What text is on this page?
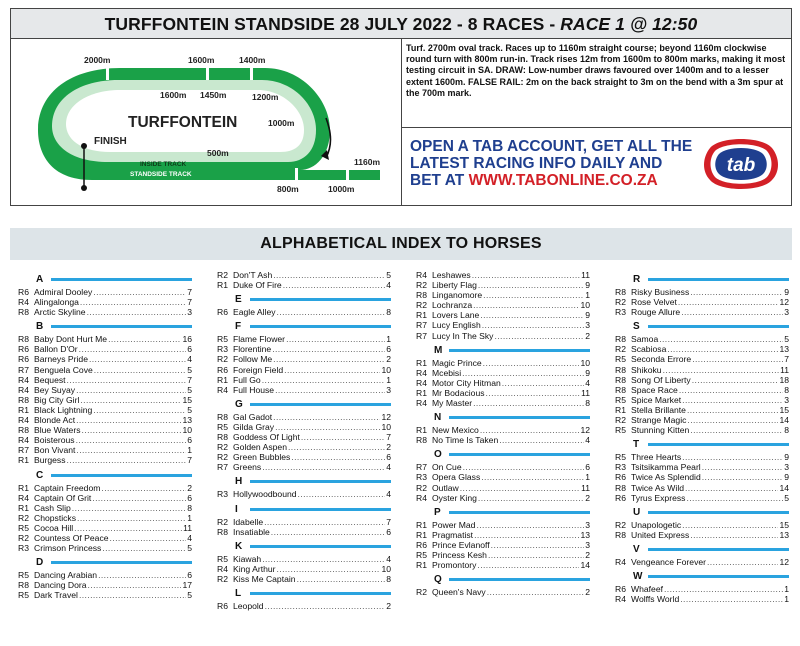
TURFFONTEIN STANDSIDE 28 JULY 2022 - 8 RACES - RACE 1 @ 12:50
2000m	1600m	1400m
1600m 1450m	1200m
1000m
500m
1160m
800m	1000m
TURFFONTEIN
FINISH
INSIDE TRACK
STANDSIDE TRACK
Turf. 2700m oval track. Races up to 1160m straight course; beyond 1160m clockwise round turn with 800m run-in. Track rises 12m from 1600m to 800m marks, making it most testing circuit in SA. DRAW: Low-number draws favoured over 1400m and to a lesser extent 1600m. FALSE RAIL: 2m on the back straight to 3m on the bend with a 3m spur at the 700m mark.
OPEN A TAB ACCOUNT, GET ALL THE
LATEST RACING INFO DAILY AND
BET AT WWW.TABONLINE.CO.ZA
tab
ALPHABETICAL INDEX TO HORSES
A
R6 Admiral Dooley .....	7
R4 Alingalonga .....	7
R8 Arctic Skyline .....	3
B
R8 Baby Dont Hurt Me .....	16
R6 Ballon D'Or .....	6
R6 Barneys Pride .....	4
R7 Benguela Cove .....	5
R4 Bequest .....	7
R4 Bey Suyay .....	5
R8 Big City Girl .....	15
R1 Black Lightning .....	5
R4 Blonde Act .....	13
R8 Blue Waters .....	10
R4 Boisterous .....	6
R7 Bon Vivant .....	1
R1 Burgess .....	7
C
R1 Captain Freedom .....	2
R4 Captain Of Grit .....	6
R1 Cash Slip .....	8
R2 Chopsticks .....	1
R5 Cocoa Hill .....	11
R2 Countess Of Peace .....	4
R3 Crimson Princess .....	5
D
R5 Dancing Arabian .....	6
R8 Dancing Dora .....	17
R5 Dark Travel .....	5
R2 Don'T Ash .....	5
R1 Duke Of Fire .....	4
E
R6 Eagle Alley .....	8
F
R5 Flame Flower .....	1
R3 Florentine .....	6
R2 Follow Me .....	2
R6 Foreign Field .....	10
R1 Full Go .....	1
R4 Full House .....	3
G
R8 Gal Gadot .....	12
R5 Gilda Gray .....	10
R8 Goddess Of Light .....	7
R2 Golden Aspen .....	2
R2 Green Bubbles .....	6
R7 Greens .....	4
H
R3 Hollywoodbound .....	4
I
R2 Idabelle .....	7
R8 Insatiable .....	6
K
R5 Kiawah .....	4
R4 King Arthur .....	10
R2 Kiss Me Captain .....	8
L
R6 Leopold .....	2
R4 Leshawes .....	11
R2 Liberty Flag .....	9
R8 Linganomore .....	1
R2 Lochranza .....	10
R1 Lovers Lane .....	9
R7 Lucy English .....	3
R7 Lucy In The Sky .....	2
M
R1 Magic Prince .....	10
R4 Mcebisi .....	9
R4 Motor City Hitman .....	4
R1 Mr Bodacious .....	11
R4 My Master .....	8
N
R1 New Mexico .....	12
R8 No Time Is Taken .....	4
O
R7 On Cue .....	6
R3 Opera Glass .....	1
R2 Outlaw .....	11
R4 Oyster King .....	2
P
R1 Power Mad .....	3
R1 Pragmatist .....	13
R6 Prince Evlanoff .....	3
R5 Princess Kesh .....	2
R1 Promontory .....	14
Q
R2 Queen's Navy .....	2
R
R8 Risky Business .....	9
R2 Rose Velvet .....	12
R3 Rouge Allure .....	3
S
R8 Samoa .....	5
R2 Scabiosa .....	13
R5 Seconda Errore .....	7
R8 Shikoku .....	11
R8 Song Of Liberty .....	18
R8 Space Race .....	8
R5 Spice Market .....	3
R1 Stella Brillante .....	15
R2 Strange Magic .....	14
R5 Stunning Kitten .....	8
T
R5 Three Hearts .....	9
R3 Tsitsikamma Pearl .....	3
R6 Twice As Splendid .....	9
R8 Twice As Wild .....	14
R6 Tyrus Express .....	5
U
R2 Unapologetic .....	15
R8 United Express .....	13
V
R4 Vengeance Forever .....	12
W
R6 Whafeef .....	1
R4 Wolffs World .....	1
